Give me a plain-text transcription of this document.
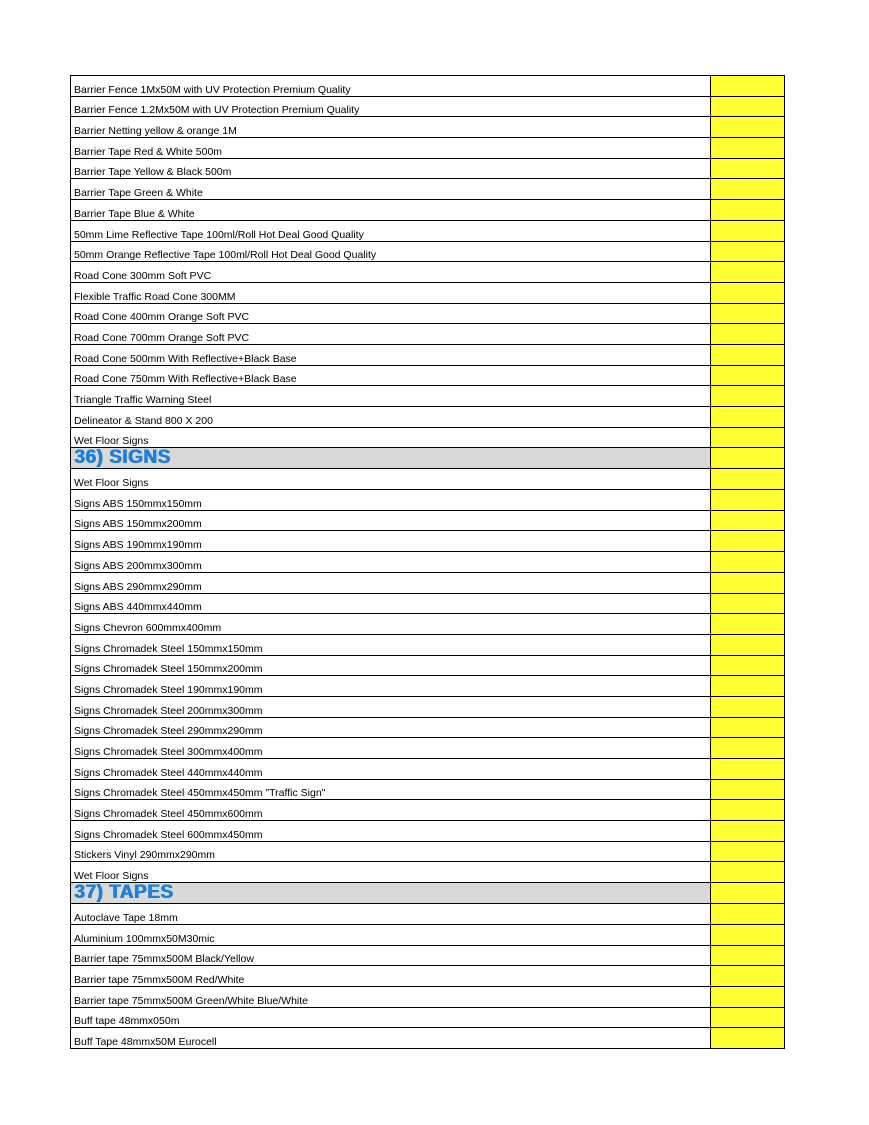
Barrier Fence 1Mx50M with UV Protection Premium Quality	
Barrier Fence 1.2Mx50M with UV Protection Premium Quality	
Barrier Netting yellow & orange 1M	
Barrier Tape Red & White 500m	
Barrier Tape Yellow & Black 500m	
Barrier Tape Green & White	
Barrier Tape Blue & White	
50mm Lime Reflective Tape 100ml/Roll Hot Deal Good Quality	
50mm Orange Reflective Tape 100ml/Roll Hot Deal Good Quality	
Road Cone 300mm Soft PVC	
Flexible Traffic Road Cone 300MM	
Road Cone 400mm Orange Soft PVC	
Road Cone 700mm Orange Soft PVC	
Road Cone 500mm With Reflective+Black Base	
Road Cone 750mm With Reflective+Black Base	
Triangle Traffic Warning Steel	
Delineator & Stand 800 X 200	
Wet Floor Signs	
36) SIGNS	
Wet Floor Signs	
Signs ABS 150mmx150mm	
Signs ABS 150mmx200mm	
Signs ABS 190mmx190mm	
Signs ABS 200mmx300mm	
Signs ABS 290mmx290mm	
Signs ABS 440mmx440mm	
Signs Chevron 600mmx400mm	
Signs Chromadek Steel 150mmx150mm	
Signs Chromadek Steel 150mmx200mm	
Signs Chromadek Steel 190mmx190mm	
Signs Chromadek Steel 200mmx300mm	
Signs Chromadek Steel 290mmx290mm	
Signs Chromadek Steel 300mmx400mm	
Signs Chromadek Steel 440mmx440mm	
Signs Chromadek Steel 450mmx450mm "Traffic Sign"	
Signs Chromadek Steel 450mmx600mm	
Signs Chromadek Steel 600mmx450mm	
Stickers Vinyl 290mmx290mm	
Wet Floor Signs	
37) TAPES	
Autoclave Tape 18mm	
Aluminium 100mmx50M30mic	
Barrier tape 75mmx500M Black/Yellow	
Barrier tape 75mmx500M Red/White	
Barrier tape 75mmx500M Green/White Blue/White	
Buff tape 48mmx050m	
Buff Tape 48mmx50M Eurocell	
